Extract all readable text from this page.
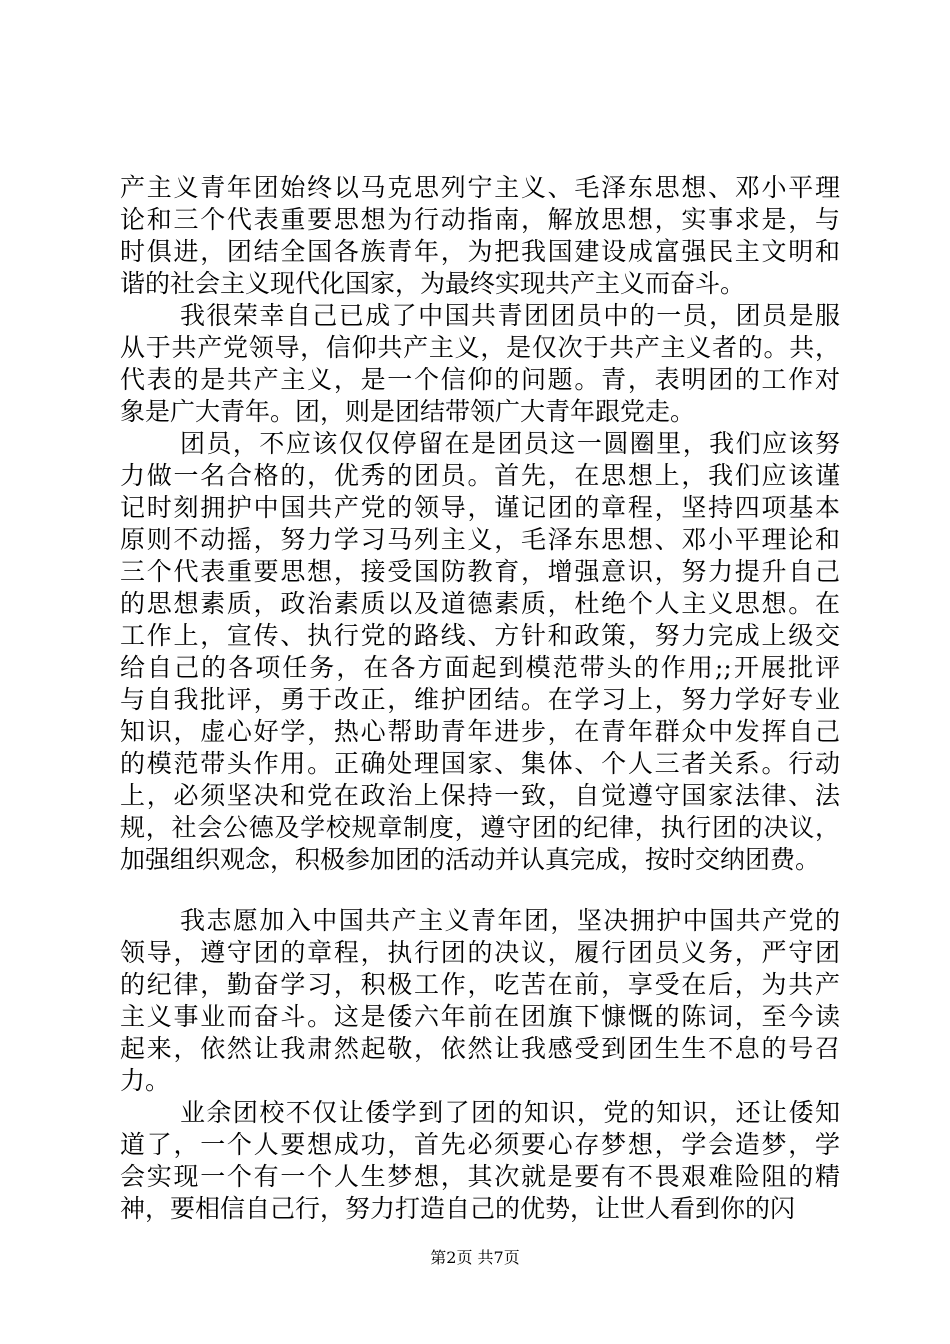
产主义青年团始终以马克思列宁主义、毛泽东思想、邓小平理
论和三个代表重要思想为行动指南，解放思想，实事求是，与
时俱进，团结全国各族青年，为把我国建设成富强民主文明和
谐的社会主义现代化国家，为最终实现共产主义而奋斗。
我很荣幸自己已成了中国共青团团员中的一员，团员是服
从于共产党领导，信仰共产主义，是仅次于共产主义者的。共，
代表的是共产主义，是一个信仰的问题。青，表明团的工作对
象是广大青年。团，则是团结带领广大青年跟党走。
团员，不应该仅仅停留在是团员这一圆圈里，我们应该努
力做一名合格的，优秀的团员。首先，在思想上，我们应该谨
记时刻拥护中国共产党的领导，谨记团的章程，坚持四项基本
原则不动摇，努力学习马列主义，毛泽东思想、邓小平理论和
三个代表重要思想，接受国防教育，增强意识，努力提升自己
的思想素质，政治素质以及道德素质，杜绝个人主义思想。在
工作上，宣传、执行党的路线、方针和政策，努力完成上级交
给自己的各项任务，在各方面起到模范带头的作用;;开展批评
与自我批评，勇于改正，维护团结。在学习上，努力学好专业
知识，虚心好学，热心帮助青年进步，在青年群众中发挥自己
的模范带头作用。正确处理国家、集体、个人三者关系。行动
上，必须坚决和党在政治上保持一致，自觉遵守国家法律、法
规，社会公德及学校规章制度，遵守团的纪律，执行团的决议，
加强组织观念，积极参加团的活动并认真完成，按时交纳团费。
我志愿加入中国共产主义青年团，坚决拥护中国共产党的
领导，遵守团的章程，执行团的决议，履行团员义务，严守团
的纪律，勤奋学习，积极工作，吃苦在前，享受在后，为共产
主义事业而奋斗。这是倭六年前在团旗下慷慨的陈词，至今读
起来，依然让我肃然起敬，依然让我感受到团生生不息的号召
力。
业余团校不仅让倭学到了团的知识，党的知识，还让倭知
道了，一个人要想成功，首先必须要心存梦想，学会造梦，学
会实现一个有一个人生梦想，其次就是要有不畏艰难险阻的精
神，要相信自己行，努力打造自己的优势，让世人看到你的闪
第2页 共7页
